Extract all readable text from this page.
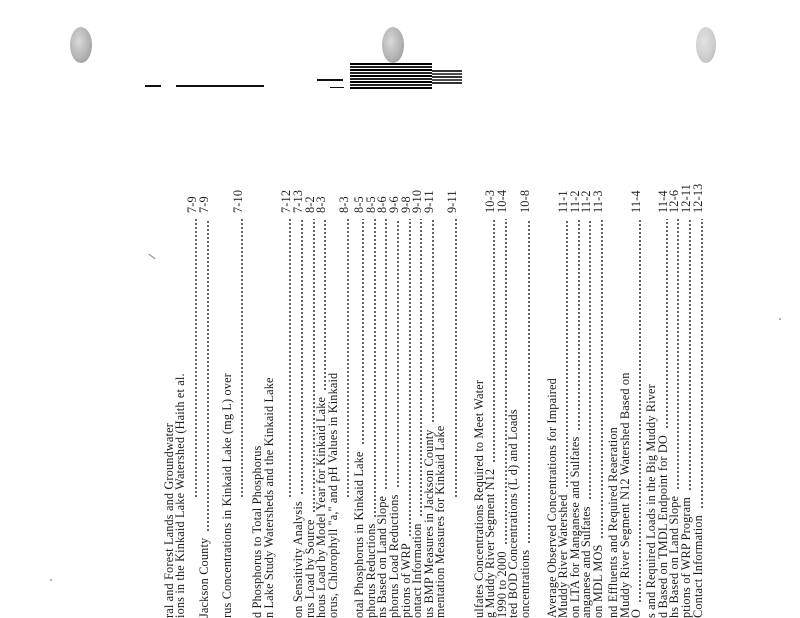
ral and Forest Lands and Groundwater
ions in the Kinkaid Lake Watershed (Haith et al.
7-9
Jackson County
7-9
rus Concentrations in Kinkaid Lake (mg L) over
7-10
d Phosphorus to Total Phosphorus
n Lake Study Watersheds and the Kinkaid Lake
7-12
on Sensitivity Analysis
7-13
rus Load by Source
8-2
hous Load by Model Year for Kinkaid Lake
8-3
orus, Chlorophyll "a," and pH Values in Kinkaid
8-3
otal Phosphorus in Kinkaid Lake
8-5
phorus Reductions
8-5
ns Based on Land Slope
8-6
phorus Load Reductions
9-6
ptions of WRP
9-8
ontact Information
9-10
us BMP Measures in Jackson County
9-11
mentation Measures for Kinkaid Lake
9-11
ulfates Concentrations Required to Meet Water
g Muddy River Segment N12
10-3
1990 to 2000
10-4
ted BOD Concentrations (L d) and Loads
oncentrations
10-8
Average Observed Concentrations for Impaired
Muddy River Watershed
11-1
on LTA for Manganese and Sulfates
11-2
anganese and Sulfates
11-2
on MDL MOS
11-3
nd Effluents and Required Reaeration
Muddy River Segment N12 Watershed Based on
O
11-4
s and Required Loads in the Big Muddy River
d Based on TMDL Endpoint for DO
11-4
hs Based on Land Slope
12-6
ptions of WRP Program
12-11
Contact Information
12-13
